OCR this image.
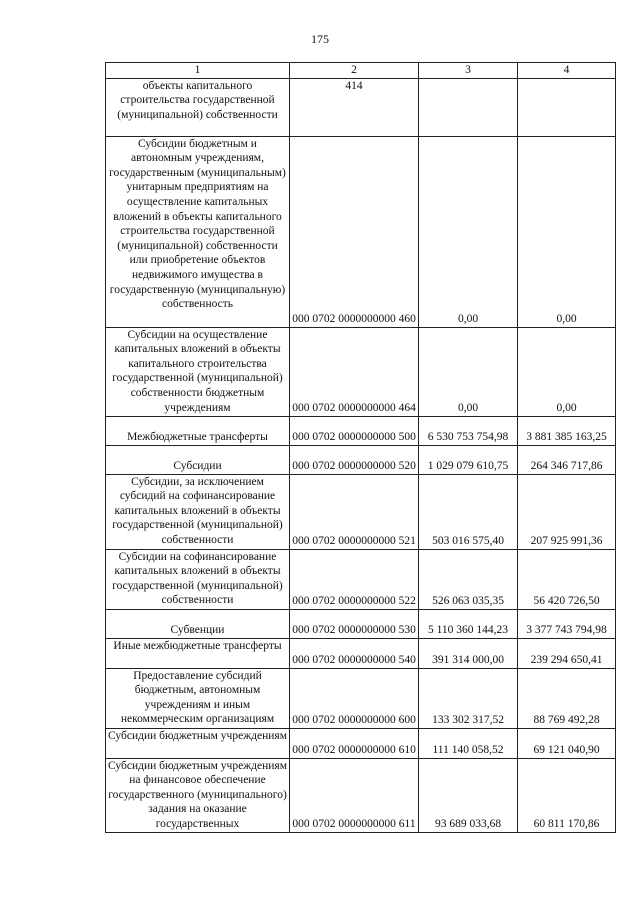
175
1	2	3	4
объекты капитального строительства государственной (муниципальной) собственности	414		
Субсидии бюджетным и автономным учреждениям, государственным (муниципальным) унитарным предприятиям на осуществление капитальных вложений в объекты капитального строительства государственной (муниципальной) собственности или приобретение объектов недвижимого имущества в государственную (муниципальную) собственность	000 0702 0000000000 460	0,00	0,00
Субсидии на осуществление капитальных вложений в объекты капитального строительства государственной (муниципальной) собственности бюджетным учреждениям	000 0702 0000000000 464	0,00	0,00
Межбюджетные трансферты	000 0702 0000000000 500	6 530 753 754,98	3 881 385 163,25
Субсидии	000 0702 0000000000 520	1 029 079 610,75	264 346 717,86
Субсидии, за исключением субсидий на софинансирование капитальных вложений в объекты государственной (муниципальной) собственности	000 0702 0000000000 521	503 016 575,40	207 925 991,36
Субсидии на софинансирование капитальных вложений в объекты государственной (муниципальной) собственности	000 0702 0000000000 522	526 063 035,35	56 420 726,50
Субвенции	000 0702 0000000000 530	5 110 360 144,23	3 377 743 794,98
Иные межбюджетные трансферты	000 0702 0000000000 540	391 314 000,00	239 294 650,41
Предоставление субсидий бюджетным, автономным учреждениям и иным некоммерческим организациям	000 0702 0000000000 600	133 302 317,52	88 769 492,28
Субсидии бюджетным учреждениям	000 0702 0000000000 610	111 140 058,52	69 121 040,90
Субсидии бюджетным учреждениям на финансовое обеспечение государственного (муниципального) задания на оказание государственных	000 0702 0000000000 611	93 689 033,68	60 811 170,86
